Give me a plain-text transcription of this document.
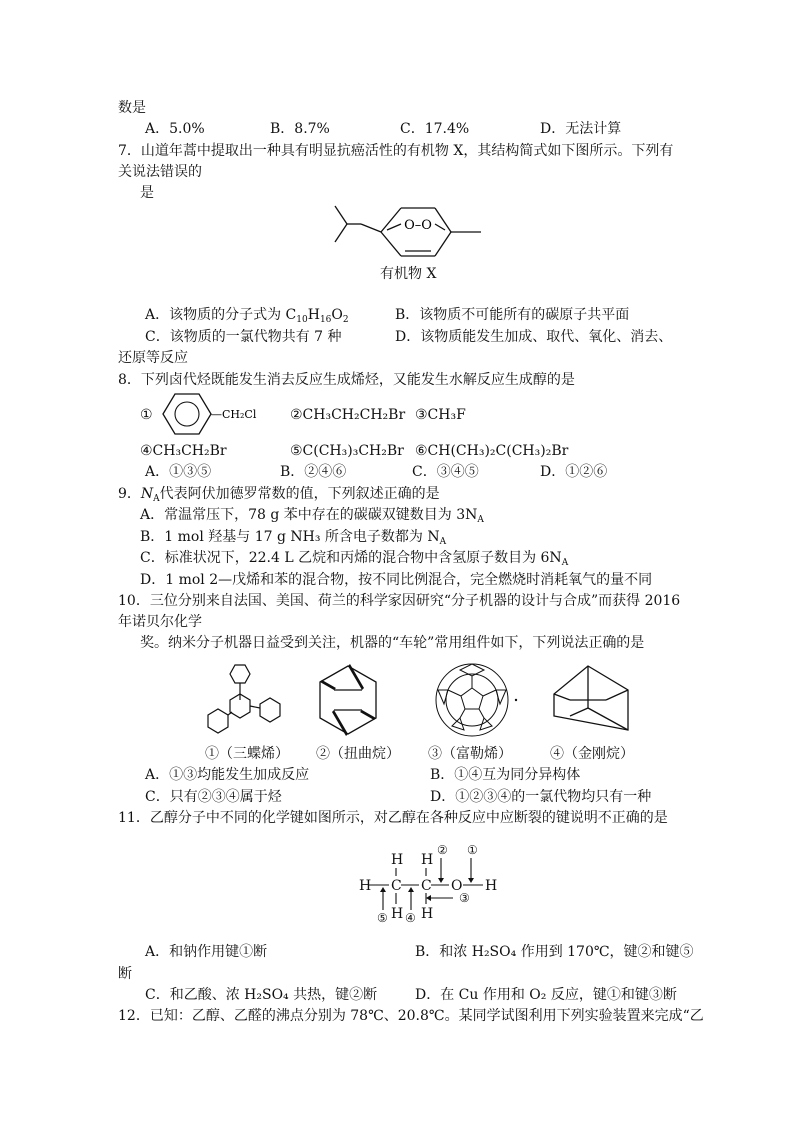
数是
A．5.0%	B．8.7%	C．17.4%	D．无法计算
7．山道年蒿中提取出一种具有明显抗癌活性的有机物 X，其结构简式如下图所示。下列有
关说法错误的
是
O–O
有机物 X
A．该物质的分子式为 $C_{10}H_{16}O_2$	B．该物质不可能所有的碳原子共平面
C．该物质的一氯代物共有 7 种	D．该物质能发生加成、取代、氧化、消去、
还原等反应
8．下列卤代烃既能发生消去反应生成烯烃，又能发生水解反应生成醇的是
①	—CH₂Cl ②CH₃CH₂CH₂Br ③CH₃F
④CH₃CH₂Br	⑤C(CH₃)₃CH₂Br ⑥CH(CH₃)₂C(CH₃)₂Br
A．①③⑤	B．②④⑥	C．③④⑤	D．①②⑥
9．$N_A$代表阿伏加德罗常数的值，下列叙述正确的是
A．常温常压下，78 g 苯中存在的碳碳双键数目为 $3N_A$
B．1 mol 羟基与 17 g NH₃ 所含电子数都为 $N_A$
C．标准状况下，22.4 L 乙烷和丙烯的混合物中含氢原子数目为 $6N_A$
D．1 mol 2—戊烯和苯的混合物，按不同比例混合，完全燃烧时消耗氧气的量不同
10．三位分别来自法国、美国、荷兰的科学家因研究“分子机器的设计与合成”而获得 2016
年诺贝尔化学
奖。纳米分子机器日益受到关注，机器的“车轮”常用组件如下，下列说法正确的是
①（三蝶烯） ②（扭曲烷） ③（富勒烯）	④（金刚烷）
A．①③均能发生加成反应	B．①④互为同分异构体
C．只有②③④属于烃	D．①②③④的一氯代物均只有一种
11．乙醇分子中不同的化学键如图所示，对乙醇在各种反应中应断裂的键说明不正确的是
H H
H C C O H
H H
①
②
③
④
⑤
A．和钠作用键①断	B．和浓 H₂SO₄ 作用到 170℃，键②和键⑤
断
C．和乙酸、浓 H₂SO₄ 共热，键②断	D．在 Cu 作用和 O₂ 反应，键①和键③断
12．已知：乙醇、乙醛的沸点分别为 78℃、20.8℃。某同学试图利用下列实验装置来完成“乙
